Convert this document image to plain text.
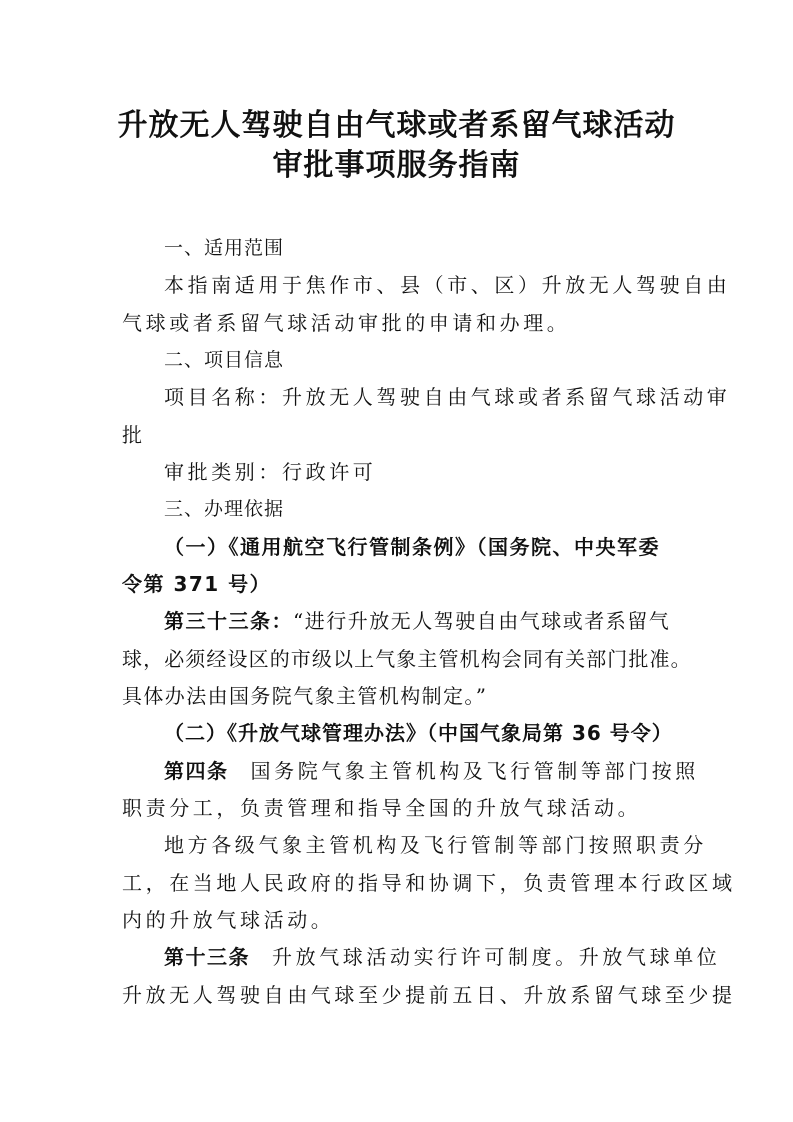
升放无人驾驶自由气球或者系留气球活动
审批事项服务指南

一、适用范围

本指南适用于焦作市、县（市、区）升放无人驾驶自由

气球或者系留气球活动审批的申请和办理。

二、项目信息

项目名称：升放无人驾驶自由气球或者系留气球活动审

批

审批类别：行政许可

三、办理依据

（一）《通用航空飞行管制条例》（国务院、中央军委

令第 371 号）

第三十三条：“进行升放无人驾驶自由气球或者系留气

球，必须经设区的市级以上气象主管机构会同有关部门批准。

具体办法由国务院气象主管机构制定。”

（二）《升放气球管理办法》（中国气象局第 36 号令）

第四条 国务院气象主管机构及飞行管制等部门按照

职责分工，负责管理和指导全国的升放气球活动。

地方各级气象主管机构及飞行管制等部门按照职责分

工，在当地人民政府的指导和协调下，负责管理本行政区域

内的升放气球活动。

第十三条 升放气球活动实行许可制度。升放气球单位

升放无人驾驶自由气球至少提前五日、升放系留气球至少提
